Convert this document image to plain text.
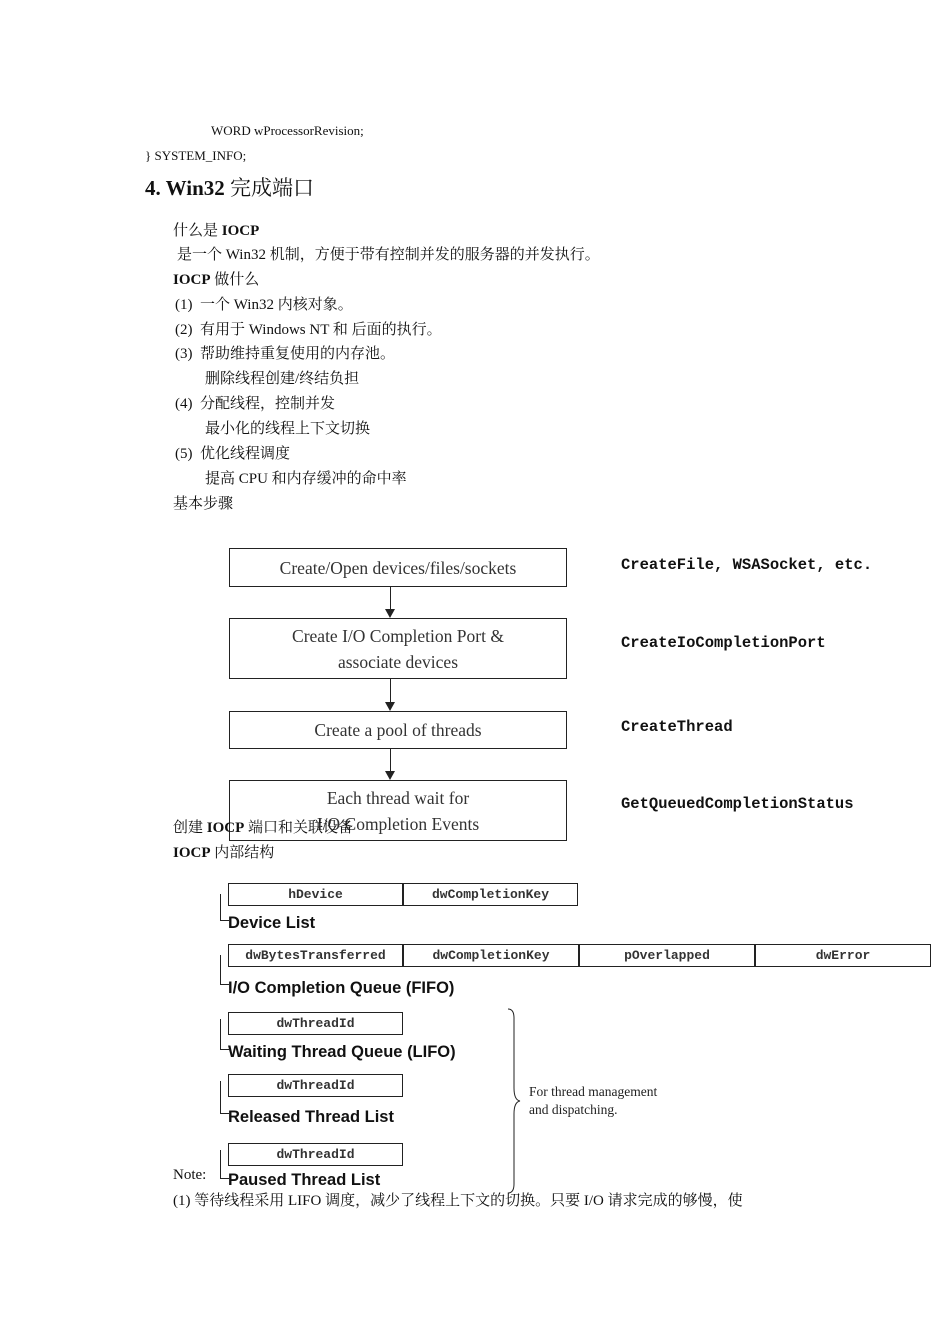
WORD wProcessorRevision;
} SYSTEM_INFO;
4. Win32 完成端口
什么是 IOCP
是一个 Win32 机制，方便于带有控制并发的服务器的并发执行。
IOCP 做什么
(1) 一个 Win32 内核对象。
(2) 有用于 Windows NT 和 后面的执行。
(3) 帮助维持重复使用的内存池。
删除线程创建/终结负担
(4) 分配线程，控制并发
最小化的线程上下文切换
(5) 优化线程调度
提高 CPU 和内存缓冲的命中率
基本步骤
Create/Open devices/files/sockets
Create I/O Completion Port &
associate devices
Create a pool of threads
Each thread wait for
I/O Completion Events
CreateFile, WSASocket, etc.
CreateIoCompletionPort
CreateThread
GetQueuedCompletionStatus
创建 IOCP 端口和关联设备
IOCP 内部结构
hDevice	dwCompletionKey
Device List
dwBytesTransferred	dwCompletionKey	pOverlapped	dwError
I/O Completion Queue (FIFO)
dwThreadId
Waiting Thread Queue (LIFO)
dwThreadId
Released Thread List
dwThreadId
Paused Thread List
For thread management
and dispatching.
Note:
(1) 等待线程采用 LIFO 调度，减少了线程上下文的切换。只要 I/O 请求完成的够慢，使
